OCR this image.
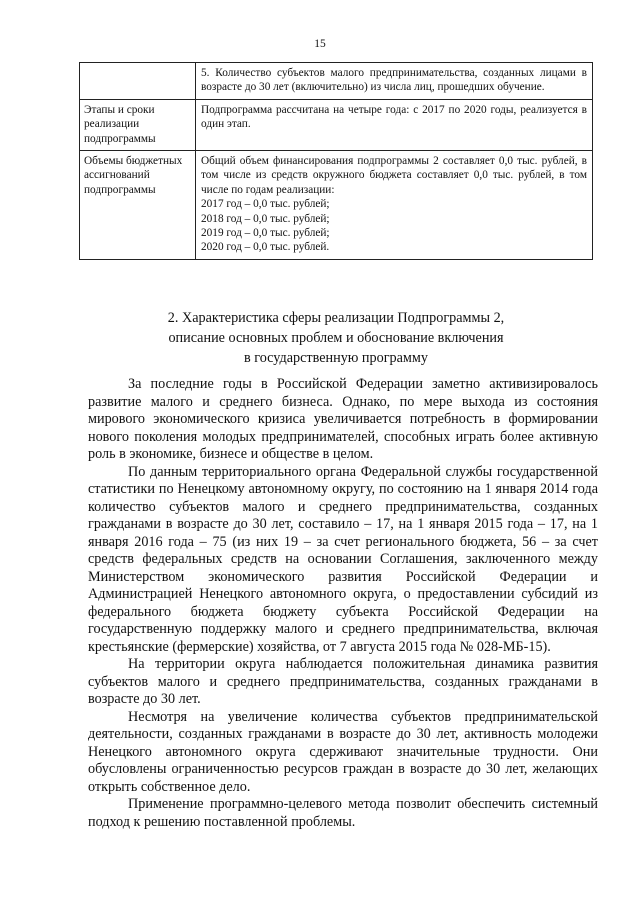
15

	5. Количество субъектов малого предпринимательства, созданных лицами в возрасте до 30 лет (включительно) из числа лиц, прошедших обучение.

Этапы и сроки реализации подпрограммы	Подпрограмма рассчитана на четыре года: с 2017 по 2020 годы, реализуется в один этап.

Объемы бюджетных ассигнований подпрограммы	Общий объем финансирования подпрограммы 2 составляет 0,0 тыс. рублей, в том числе из средств окружного бюджета составляет 0,0 тыс. рублей, в том числе по годам реализации:
2017 год – 0,0 тыс. рублей;
2018 год – 0,0 тыс. рублей;
2019 год – 0,0 тыс. рублей;
2020 год – 0,0 тыс. рублей.
2. Характеристика сферы реализации Подпрограммы 2,
описание основных проблем и обоснование включения
в государственную программу

За последние годы в Российской Федерации заметно активизировалось развитие малого и среднего бизнеса. Однако, по мере выхода из состояния мирового экономического кризиса увеличивается потребность в формировании нового поколения молодых предпринимателей, способных играть более активную роль в экономике, бизнесе и обществе в целом.

По данным территориального органа Федеральной службы государственной статистики по Ненецкому автономному округу, по состоянию на 1 января 2014 года количество субъектов малого и среднего предпринимательства, созданных гражданами в возрасте до 30 лет, составило – 17, на 1 января 2015 года – 17, на 1 января 2016 года – 75 (из них 19 – за счет регионального бюджета, 56 – за счет средств федеральных средств на основании Соглашения, заключенного между Министерством экономического развития Российской Федерации и Администрацией Ненецкого автономного округа, о предоставлении субсидий из федерального бюджета бюджету субъекта Российской Федерации на государственную поддержку малого и среднего предпринимательства, включая крестьянские (фермерские) хозяйства, от 7 августа 2015 года № 028-МБ-15).

На территории округа наблюдается положительная динамика развития субъектов малого и среднего предпринимательства, созданных гражданами в возрасте до 30 лет.

Несмотря на увеличение количества субъектов предпринимательской деятельности, созданных гражданами в возрасте до 30 лет, активность молодежи Ненецкого автономного округа сдерживают значительные трудности. Они обусловлены ограниченностью ресурсов граждан в возрасте до 30 лет, желающих открыть собственное дело.

Применение программно-целевого метода позволит обеспечить системный подход к решению поставленной проблемы.
